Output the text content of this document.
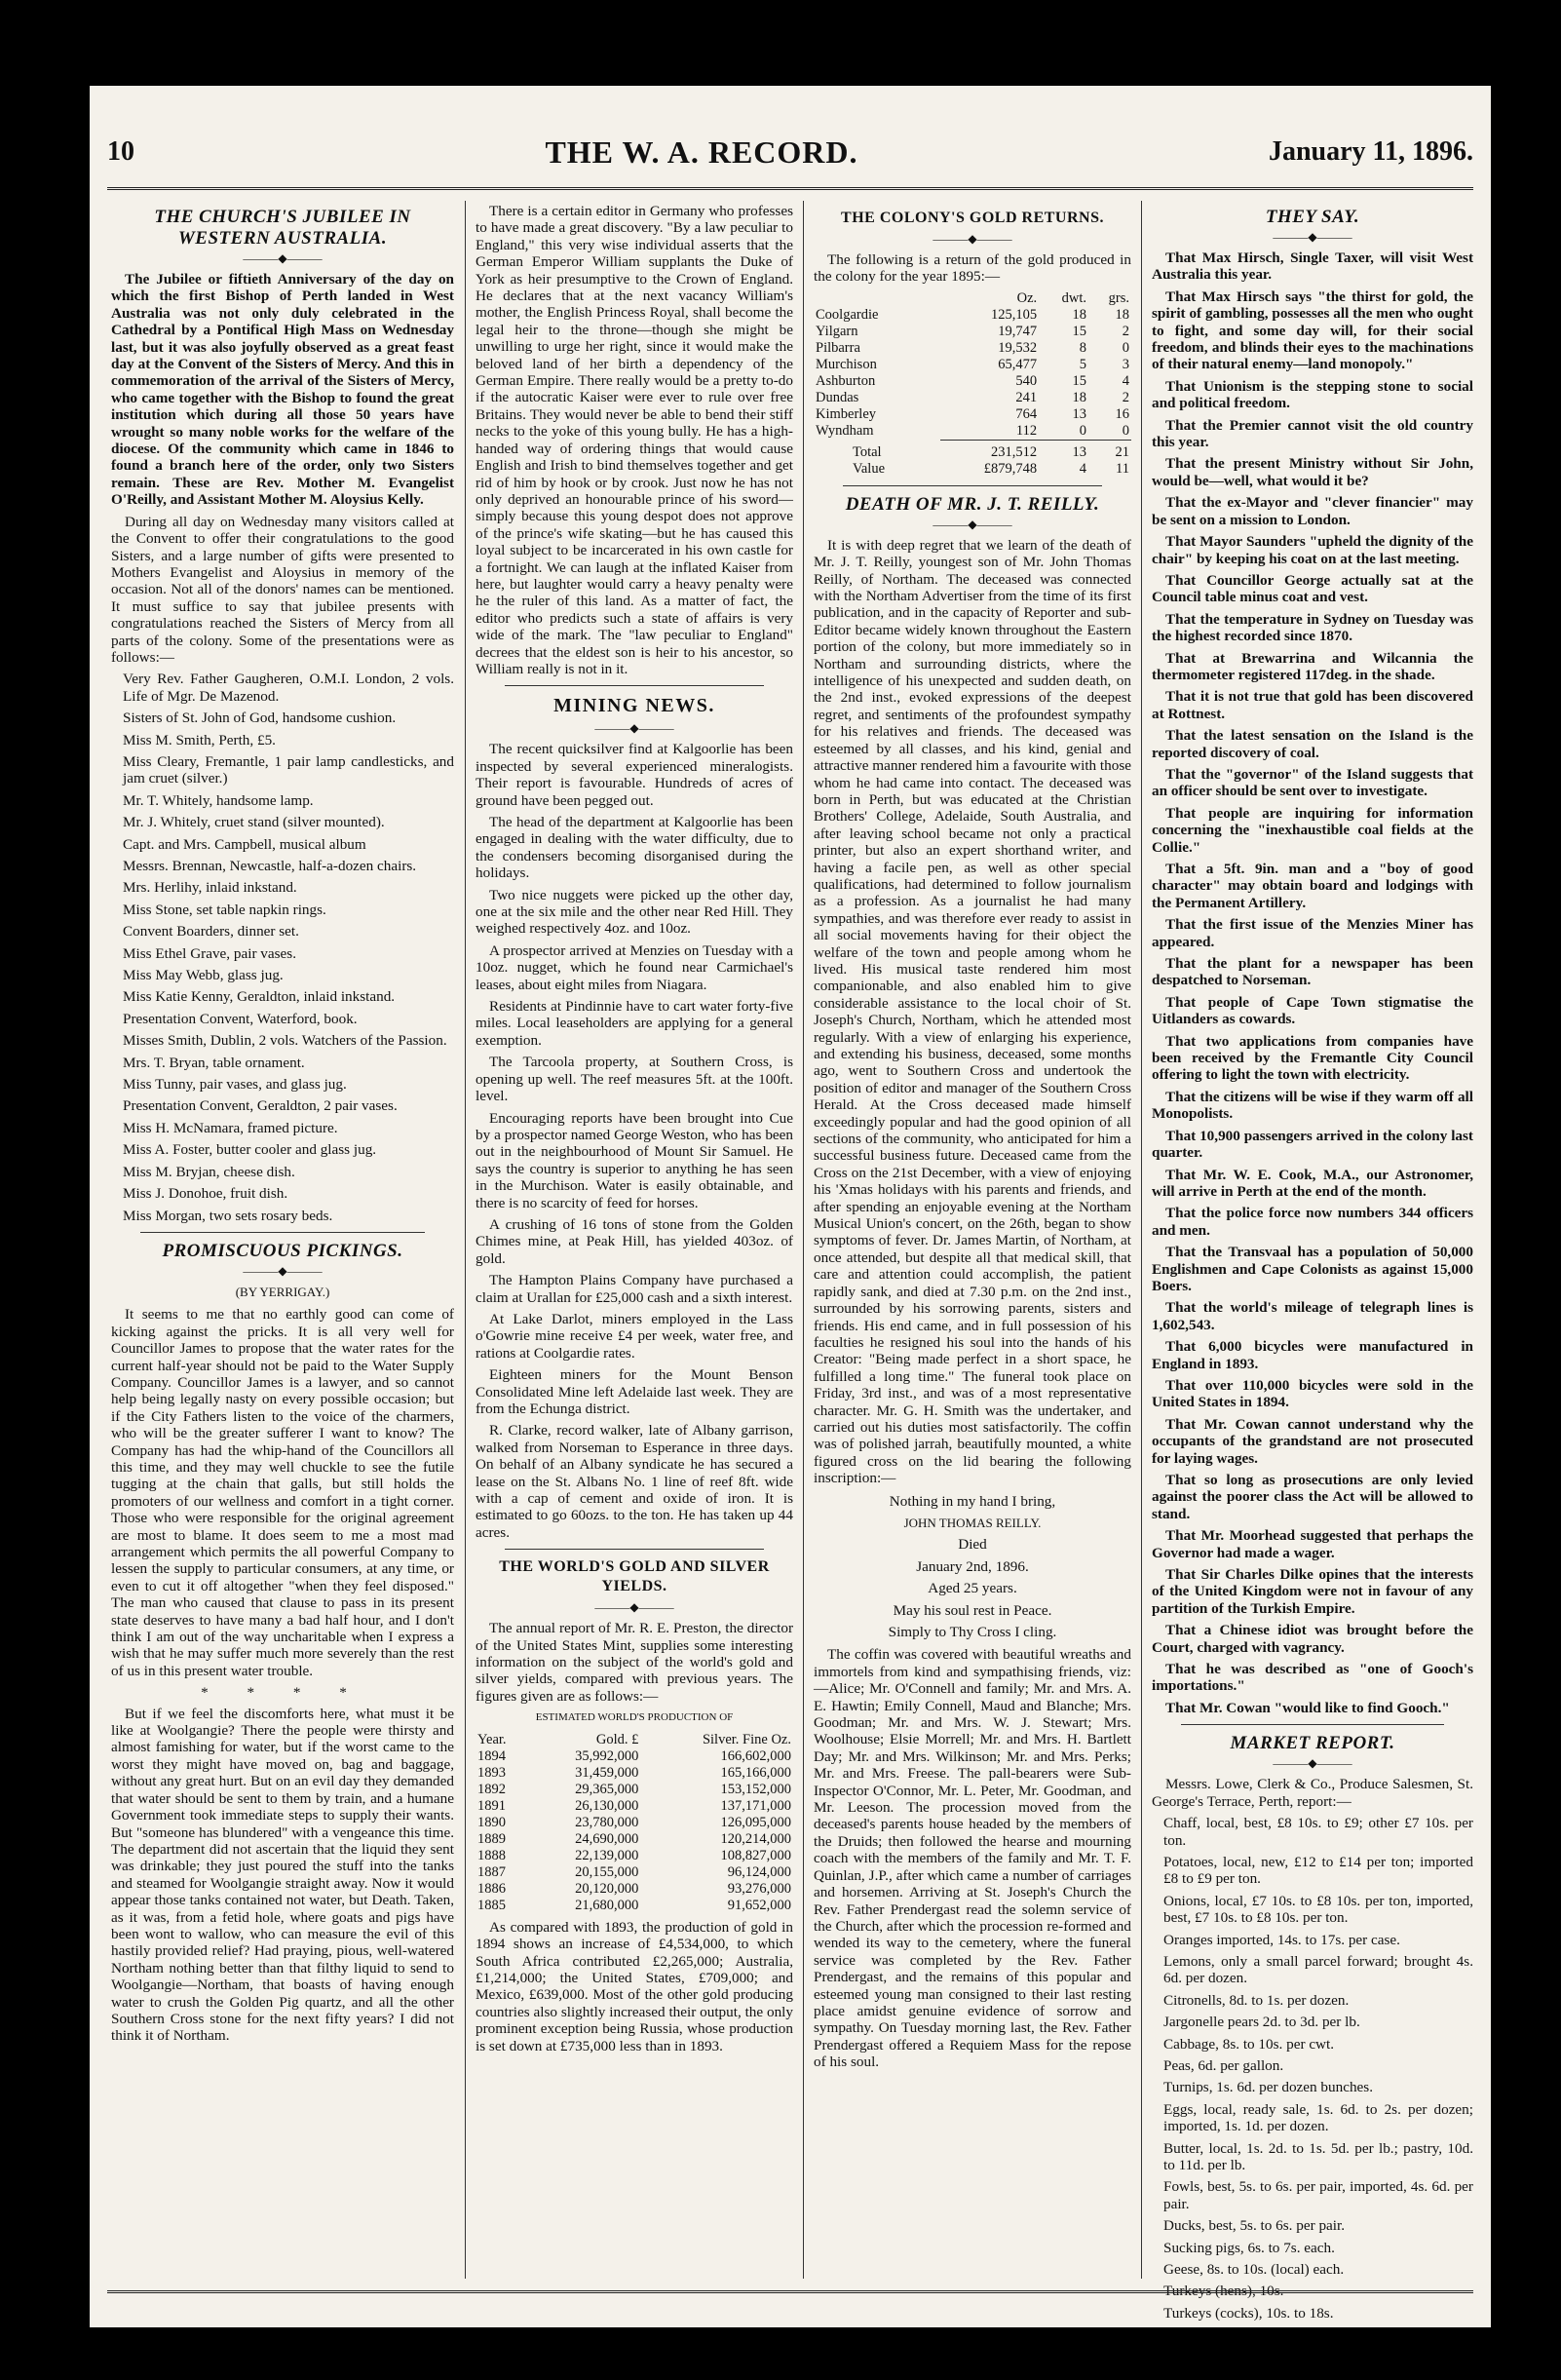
10	THE W. A. RECORD.	January 11, 1896.
THE CHURCH'S JUBILEE IN WESTERN AUSTRALIA.
———◆———

The Jubilee or fiftieth Anniversary of the day on which the first Bishop of Perth landed in West Australia was not only duly celebrated in the Cathedral by a Pontifical High Mass on Wednesday last, but it was also joyfully observed as a great feast day at the Convent of the Sisters of Mercy. And this in commemoration of the arrival of the Sisters of Mercy, who came together with the Bishop to found the great institution which during all those 50 years have wrought so many noble works for the welfare of the diocese. Of the community which came in 1846 to found a branch here of the order, only two Sisters remain. These are Rev. Mother M. Evangelist O'Reilly, and Assistant Mother M. Aloysius Kelly.

During all day on Wednesday many visitors called at the Convent to offer their congratulations to the good Sisters, and a large number of gifts were presented to Mothers Evangelist and Aloysius in memory of the occasion. Not all of the donors' names can be mentioned. It must suffice to say that jubilee presents with congratulations reached the Sisters of Mercy from all parts of the colony. Some of the presentations were as follows:—

Very Rev. Father Gaugheren, O.M.I. London, 2 vols. Life of Mgr. De Mazenod.

Sisters of St. John of God, handsome cushion.

Miss M. Smith, Perth, £5.

Miss Cleary, Fremantle, 1 pair lamp candlesticks, and jam cruet (silver.)

Mr. T. Whitely, handsome lamp.

Mr. J. Whitely, cruet stand (silver mounted).

Capt. and Mrs. Campbell, musical album

Messrs. Brennan, Newcastle, half-a-dozen chairs.

Mrs. Herlihy, inlaid inkstand.

Miss Stone, set table napkin rings.

Convent Boarders, dinner set.

Miss Ethel Grave, pair vases.

Miss May Webb, glass jug.

Miss Katie Kenny, Geraldton, inlaid inkstand.

Presentation Convent, Waterford, book.

Misses Smith, Dublin, 2 vols. Watchers of the Passion.

Mrs. T. Bryan, table ornament.

Miss Tunny, pair vases, and glass jug.

Presentation Convent, Geraldton, 2 pair vases.

Miss H. McNamara, framed picture.

Miss A. Foster, butter cooler and glass jug.

Miss M. Bryjan, cheese dish.

Miss J. Donohoe, fruit dish.

Miss Morgan, two sets rosary beds.

PROMISCUOUS PICKINGS.
———◆———

(BY YERRIGAY.)

It seems to me that no earthly good can come of kicking against the pricks. It is all very well for Councillor James to propose that the water rates for the current half-year should not be paid to the Water Supply Company. Councillor James is a lawyer, and so cannot help being legally nasty on every possible occasion; but if the City Fathers listen to the voice of the charmers, who will be the greater sufferer I want to know? The Company has had the whip-hand of the Councillors all this time, and they may well chuckle to see the futile tugging at the chain that galls, but still holds the promoters of our wellness and comfort in a tight corner. Those who were responsible for the original agreement are most to blame. It does seem to me a most mad arrangement which permits the all powerful Company to lessen the supply to particular consumers, at any time, or even to cut it off altogether "when they feel disposed." The man who caused that clause to pass in its present state deserves to have many a bad half hour, and I don't think I am out of the way uncharitable when I express a wish that he may suffer much more severely than the rest of us in this present water trouble.

* * * *

But if we feel the discomforts here, what must it be like at Woolgangie? There the people were thirsty and almost famishing for water, but if the worst came to the worst they might have moved on, bag and baggage, without any great hurt. But on an evil day they demanded that water should be sent to them by train, and a humane Government took immediate steps to supply their wants. But "someone has blundered" with a vengeance this time. The department did not ascertain that the liquid they sent was drinkable; they just poured the stuff into the tanks and steamed for Woolgangie straight away. Now it would appear those tanks contained not water, but Death. Taken, as it was, from a fetid hole, where goats and pigs have been wont to wallow, who can measure the evil of this hastily provided relief? Had praying, pious, well-watered Northam nothing better than that filthy liquid to send to Woolgangie—Northam, that boasts of having enough water to crush the Golden Pig quartz, and all the other Southern Cross stone for the next fifty years? I did not think it of Northam.

There is a certain editor in Germany who professes to have made a great discovery. "By a law peculiar to England," this very wise individual asserts that the German Emperor William supplants the Duke of York as heir presumptive to the Crown of England. He declares that at the next vacancy William's mother, the English Princess Royal, shall become the legal heir to the throne—though she might be unwilling to urge her right, since it would make the beloved land of her birth a dependency of the German Empire. There really would be a pretty to-do if the autocratic Kaiser were ever to rule over free Britains. They would never be able to bend their stiff necks to the yoke of this young bully. He has a high-handed way of ordering things that would cause English and Irish to bind themselves together and get rid of him by hook or by crook. Just now he has not only deprived an honourable prince of his sword—simply because this young despot does not approve of the prince's wife skating—but he has caused this loyal subject to be incarcerated in his own castle for a fortnight. We can laugh at the inflated Kaiser from here, but laughter would carry a heavy penalty were he the ruler of this land. As a matter of fact, the editor who predicts such a state of affairs is very wide of the mark. The "law peculiar to England" decrees that the eldest son is heir to his ancestor, so William really is not in it.

MINING NEWS.
———◆———

The recent quicksilver find at Kalgoorlie has been inspected by several experienced mineralogists. Their report is favourable. Hundreds of acres of ground have been pegged out.

The head of the department at Kalgoorlie has been engaged in dealing with the water difficulty, due to the condensers becoming disorganised during the holidays.

Two nice nuggets were picked up the other day, one at the six mile and the other near Red Hill. They weighed respectively 4oz. and 10oz.

A prospector arrived at Menzies on Tuesday with a 10oz. nugget, which he found near Carmichael's leases, about eight miles from Niagara.

Residents at Pindinnie have to cart water forty-five miles. Local leaseholders are applying for a general exemption.

The Tarcoola property, at Southern Cross, is opening up well. The reef measures 5ft. at the 100ft. level.

Encouraging reports have been brought into Cue by a prospector named George Weston, who has been out in the neighbourhood of Mount Sir Samuel. He says the country is superior to anything he has seen in the Murchison. Water is easily obtainable, and there is no scarcity of feed for horses.

A crushing of 16 tons of stone from the Golden Chimes mine, at Peak Hill, has yielded 403oz. of gold.

The Hampton Plains Company have purchased a claim at Urallan for £25,000 cash and a sixth interest.

At Lake Darlot, miners employed in the Lass o'Gowrie mine receive £4 per week, water free, and rations at Coolgardie rates.

Eighteen miners for the Mount Benson Consolidated Mine left Adelaide last week. They are from the Echunga district.

R. Clarke, record walker, late of Albany garrison, walked from Norseman to Esperance in three days. On behalf of an Albany syndicate he has secured a lease on the St. Albans No. 1 line of reef 8ft. wide with a cap of cement and oxide of iron. It is estimated to go 60ozs. to the ton. He has taken up 44 acres.

THE WORLD'S GOLD AND SILVER YIELDS.
———◆———

The annual report of Mr. R. E. Preston, the director of the United States Mint, supplies some interesting information on the subject of the world's gold and silver yields, compared with previous years. The figures given are as follows:—

ESTIMATED WORLD'S PRODUCTION OF

Year.	Gold. £	Silver. Fine Oz.
1894	35,992,000	166,602,000
1893	31,459,000	165,166,000
1892	29,365,000	153,152,000
1891	26,130,000	137,171,000
1890	23,780,000	126,095,000
1889	24,690,000	120,214,000
1888	22,139,000	108,827,000
1887	20,155,000	96,124,000
1886	20,120,000	93,276,000
1885	21,680,000	91,652,000

As compared with 1893, the production of gold in 1894 shows an increase of £4,534,000, to which South Africa contributed £2,265,000; Australia, £1,214,000; the United States, £709,000; and Mexico, £639,000. Most of the other gold producing countries also slightly increased their output, the only prominent exception being Russia, whose production is set down at £735,000 less than in 1893.

THE COLONY'S GOLD RETURNS.
———◆———

The following is a return of the gold produced in the colony for the year 1895:—

	Oz.	dwt.	grs.
Coolgardie	125,105	18	18
Yilgarn	19,747	15	2
Pilbarra	19,532	8	0
Murchison	65,477	5	3
Ashburton	540	15	4
Dundas	241	18	2
Kimberley	764	13	16
Wyndham	112	0	0
Total	231,512	13	21
Value	£879,748	4	11
DEATH OF MR. J. T. REILLY.
———◆———

It is with deep regret that we learn of the death of Mr. J. T. Reilly, youngest son of Mr. John Thomas Reilly, of Northam. The deceased was connected with the Northam Advertiser from the time of its first publication, and in the capacity of Reporter and sub-Editor became widely known throughout the Eastern portion of the colony, but more immediately so in Northam and surrounding districts, where the intelligence of his unexpected and sudden death, on the 2nd inst., evoked expressions of the deepest regret, and sentiments of the profoundest sympathy for his relatives and friends. The deceased was esteemed by all classes, and his kind, genial and attractive manner rendered him a favourite with those whom he had came into contact. The deceased was born in Perth, but was educated at the Christian Brothers' College, Adelaide, South Australia, and after leaving school became not only a practical printer, but also an expert shorthand writer, and having a facile pen, as well as other special qualifications, had determined to follow journalism as a profession. As a journalist he had many sympathies, and was therefore ever ready to assist in all social movements having for their object the welfare of the town and people among whom he lived. His musical taste rendered him most companionable, and also enabled him to give considerable assistance to the local choir of St. Joseph's Church, Northam, which he attended most regularly. With a view of enlarging his experience, and extending his business, deceased, some months ago, went to Southern Cross and undertook the position of editor and manager of the Southern Cross Herald. At the Cross deceased made himself exceedingly popular and had the good opinion of all sections of the community, who anticipated for him a successful business future. Deceased came from the Cross on the 21st December, with a view of enjoying his 'Xmas holidays with his parents and friends, and after spending an enjoyable evening at the Northam Musical Union's concert, on the 26th, began to show symptoms of fever. Dr. James Martin, of Northam, at once attended, but despite all that medical skill, that care and attention could accomplish, the patient rapidly sank, and died at 7.30 p.m. on the 2nd inst., surrounded by his sorrowing parents, sisters and friends. His end came, and in full possession of his faculties he resigned his soul into the hands of his Creator: "Being made perfect in a short space, he fulfilled a long time." The funeral took place on Friday, 3rd inst., and was of a most representative character. Mr. G. H. Smith was the undertaker, and carried out his duties most satisfactorily. The coffin was of polished jarrah, beautifully mounted, a white figured cross on the lid bearing the following inscription:—

Nothing in my hand I bring,

JOHN THOMAS REILLY.

Died

January 2nd, 1896.

Aged 25 years.

May his soul rest in Peace.

Simply to Thy Cross I cling.

The coffin was covered with beautiful wreaths and immortels from kind and sympathising friends, viz:—Alice; Mr. O'Connell and family; Mr. and Mrs. A. E. Hawtin; Emily Connell, Maud and Blanche; Mrs. Goodman; Mr. and Mrs. W. J. Stewart; Mrs. Woolhouse; Elsie Morrell; Mr. and Mrs. H. Bartlett Day; Mr. and Mrs. Wilkinson; Mr. and Mrs. Perks; Mr. and Mrs. Freese. The pall-bearers were Sub-Inspector O'Connor, Mr. L. Peter, Mr. Goodman, and Mr. Leeson. The procession moved from the deceased's parents house headed by the members of the Druids; then followed the hearse and mourning coach with the members of the family and Mr. T. F. Quinlan, J.P., after which came a number of carriages and horsemen. Arriving at St. Joseph's Church the Rev. Father Prendergast read the solemn service of the Church, after which the procession re-formed and wended its way to the cemetery, where the funeral service was completed by the Rev. Father Prendergast, and the remains of this popular and esteemed young man consigned to their last resting place amidst genuine evidence of sorrow and sympathy. On Tuesday morning last, the Rev. Father Prendergast offered a Requiem Mass for the repose of his soul.

THEY SAY.
———◆———

That Max Hirsch, Single Taxer, will visit West Australia this year.

That Max Hirsch says "the thirst for gold, the spirit of gambling, possesses all the men who ought to fight, and some day will, for their social freedom, and blinds their eyes to the machinations of their natural enemy—land monopoly."

That Unionism is the stepping stone to social and political freedom.

That the Premier cannot visit the old country this year.

That the present Ministry without Sir John, would be—well, what would it be?

That the ex-Mayor and "clever financier" may be sent on a mission to London.

That Mayor Saunders "upheld the dignity of the chair" by keeping his coat on at the last meeting.

That Councillor George actually sat at the Council table minus coat and vest.

That the temperature in Sydney on Tuesday was the highest recorded since 1870.

That at Brewarrina and Wilcannia the thermometer registered 117deg. in the shade.

That it is not true that gold has been discovered at Rottnest.

That the latest sensation on the Island is the reported discovery of coal.

That the "governor" of the Island suggests that an officer should be sent over to investigate.

That people are inquiring for information concerning the "inexhaustible coal fields at the Collie."

That a 5ft. 9in. man and a "boy of good character" may obtain board and lodgings with the Permanent Artillery.

That the first issue of the Menzies Miner has appeared.

That the plant for a newspaper has been despatched to Norseman.

That people of Cape Town stigmatise the Uitlanders as cowards.

That two applications from companies have been received by the Fremantle City Council offering to light the town with electricity.

That the citizens will be wise if they warm off all Monopolists.

That 10,900 passengers arrived in the colony last quarter.

That Mr. W. E. Cook, M.A., our Astronomer, will arrive in Perth at the end of the month.

That the police force now numbers 344 officers and men.

That the Transvaal has a population of 50,000 Englishmen and Cape Colonists as against 15,000 Boers.

That the world's mileage of telegraph lines is 1,602,543.

That 6,000 bicycles were manufactured in England in 1893.

That over 110,000 bicycles were sold in the United States in 1894.

That Mr. Cowan cannot understand why the occupants of the grandstand are not prosecuted for laying wages.

That so long as prosecutions are only levied against the poorer class the Act will be allowed to stand.

That Mr. Moorhead suggested that perhaps the Governor had made a wager.

That Sir Charles Dilke opines that the interests of the United Kingdom were not in favour of any partition of the Turkish Empire.

That a Chinese idiot was brought before the Court, charged with vagrancy.

That he was described as "one of Gooch's importations."

That Mr. Cowan "would like to find Gooch."

MARKET REPORT.
———◆———

Messrs. Lowe, Clerk & Co., Produce Salesmen, St. George's Terrace, Perth, report:—

Chaff, local, best, £8 10s. to £9; other £7 10s. per ton.

Potatoes, local, new, £12 to £14 per ton; imported £8 to £9 per ton.

Onions, local, £7 10s. to £8 10s. per ton, imported, best, £7 10s. to £8 10s. per ton.

Oranges imported, 14s. to 17s. per case.

Lemons, only a small parcel forward; brought 4s. 6d. per dozen.

Citronells, 8d. to 1s. per dozen.

Jargonelle pears 2d. to 3d. per lb.

Cabbage, 8s. to 10s. per cwt.

Peas, 6d. per gallon.

Turnips, 1s. 6d. per dozen bunches.

Eggs, local, ready sale, 1s. 6d. to 2s. per dozen; imported, 1s. 1d. per dozen.

Butter, local, 1s. 2d. to 1s. 5d. per lb.; pastry, 10d. to 11d. per lb.

Fowls, best, 5s. to 6s. per pair, imported, 4s. 6d. per pair.

Ducks, best, 5s. to 6s. per pair.

Sucking pigs, 6s. to 7s. each.

Geese, 8s. to 10s. (local) each.

Turkeys (hens), 10s.

Turkeys (cocks), 10s. to 18s.
